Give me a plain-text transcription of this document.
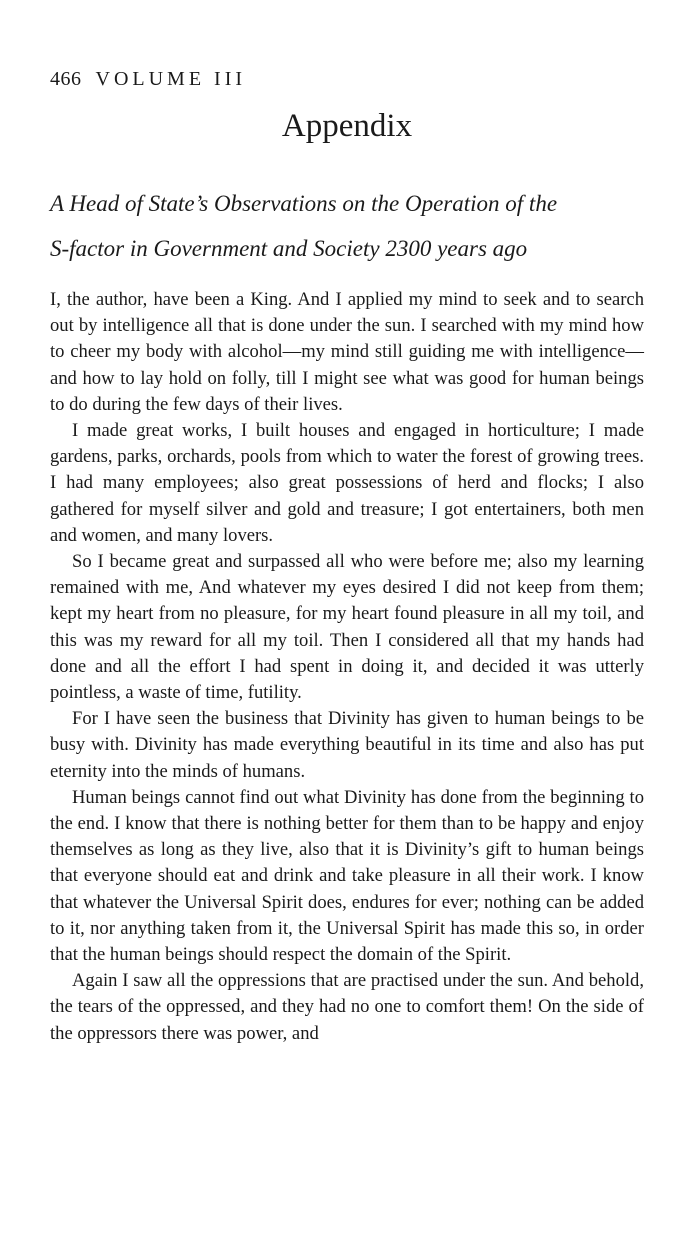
466 VOLUME III
Appendix
A Head of State’s Observations on the Operation of the
S-factor in Government and Society 2300 years ago

I, the author, have been a King. And I applied my mind to seek and to search out by intelligence all that is done under the sun. I searched with my mind how to cheer my body with alcohol—my mind still guiding me with intelligence—and how to lay hold on folly, till I might see what was good for human beings to do during the few days of their lives.

I made great works, I built houses and engaged in horticulture; I made gardens, parks, orchards, pools from which to water the forest of growing trees. I had many employees; also great possessions of herd and flocks; I also gathered for myself silver and gold and treasure; I got entertainers, both men and women, and many lovers.

So I became great and surpassed all who were before me; also my learning remained with me, And whatever my eyes desired I did not keep from them; kept my heart from no pleasure, for my heart found pleasure in all my toil, and this was my reward for all my toil. Then I considered all that my hands had done and all the effort I had spent in doing it, and decided it was utterly pointless, a waste of time, futility.

For I have seen the business that Divinity has given to human beings to be busy with. Divinity has made everything beautiful in its time and also has put eternity into the minds of humans.

Human beings cannot find out what Divinity has done from the beginning to the end. I know that there is nothing better for them than to be happy and enjoy themselves as long as they live, also that it is Divinity’s gift to human beings that everyone should eat and drink and take pleasure in all their work. I know that whatever the Universal Spirit does, endures for ever; nothing can be added to it, nor anything taken from it, the Universal Spirit has made this so, in order that the human beings should respect the domain of the Spirit.

Again I saw all the oppressions that are practised under the sun. And behold, the tears of the oppressed, and they had no one to comfort them! On the side of the oppressors there was power, and
